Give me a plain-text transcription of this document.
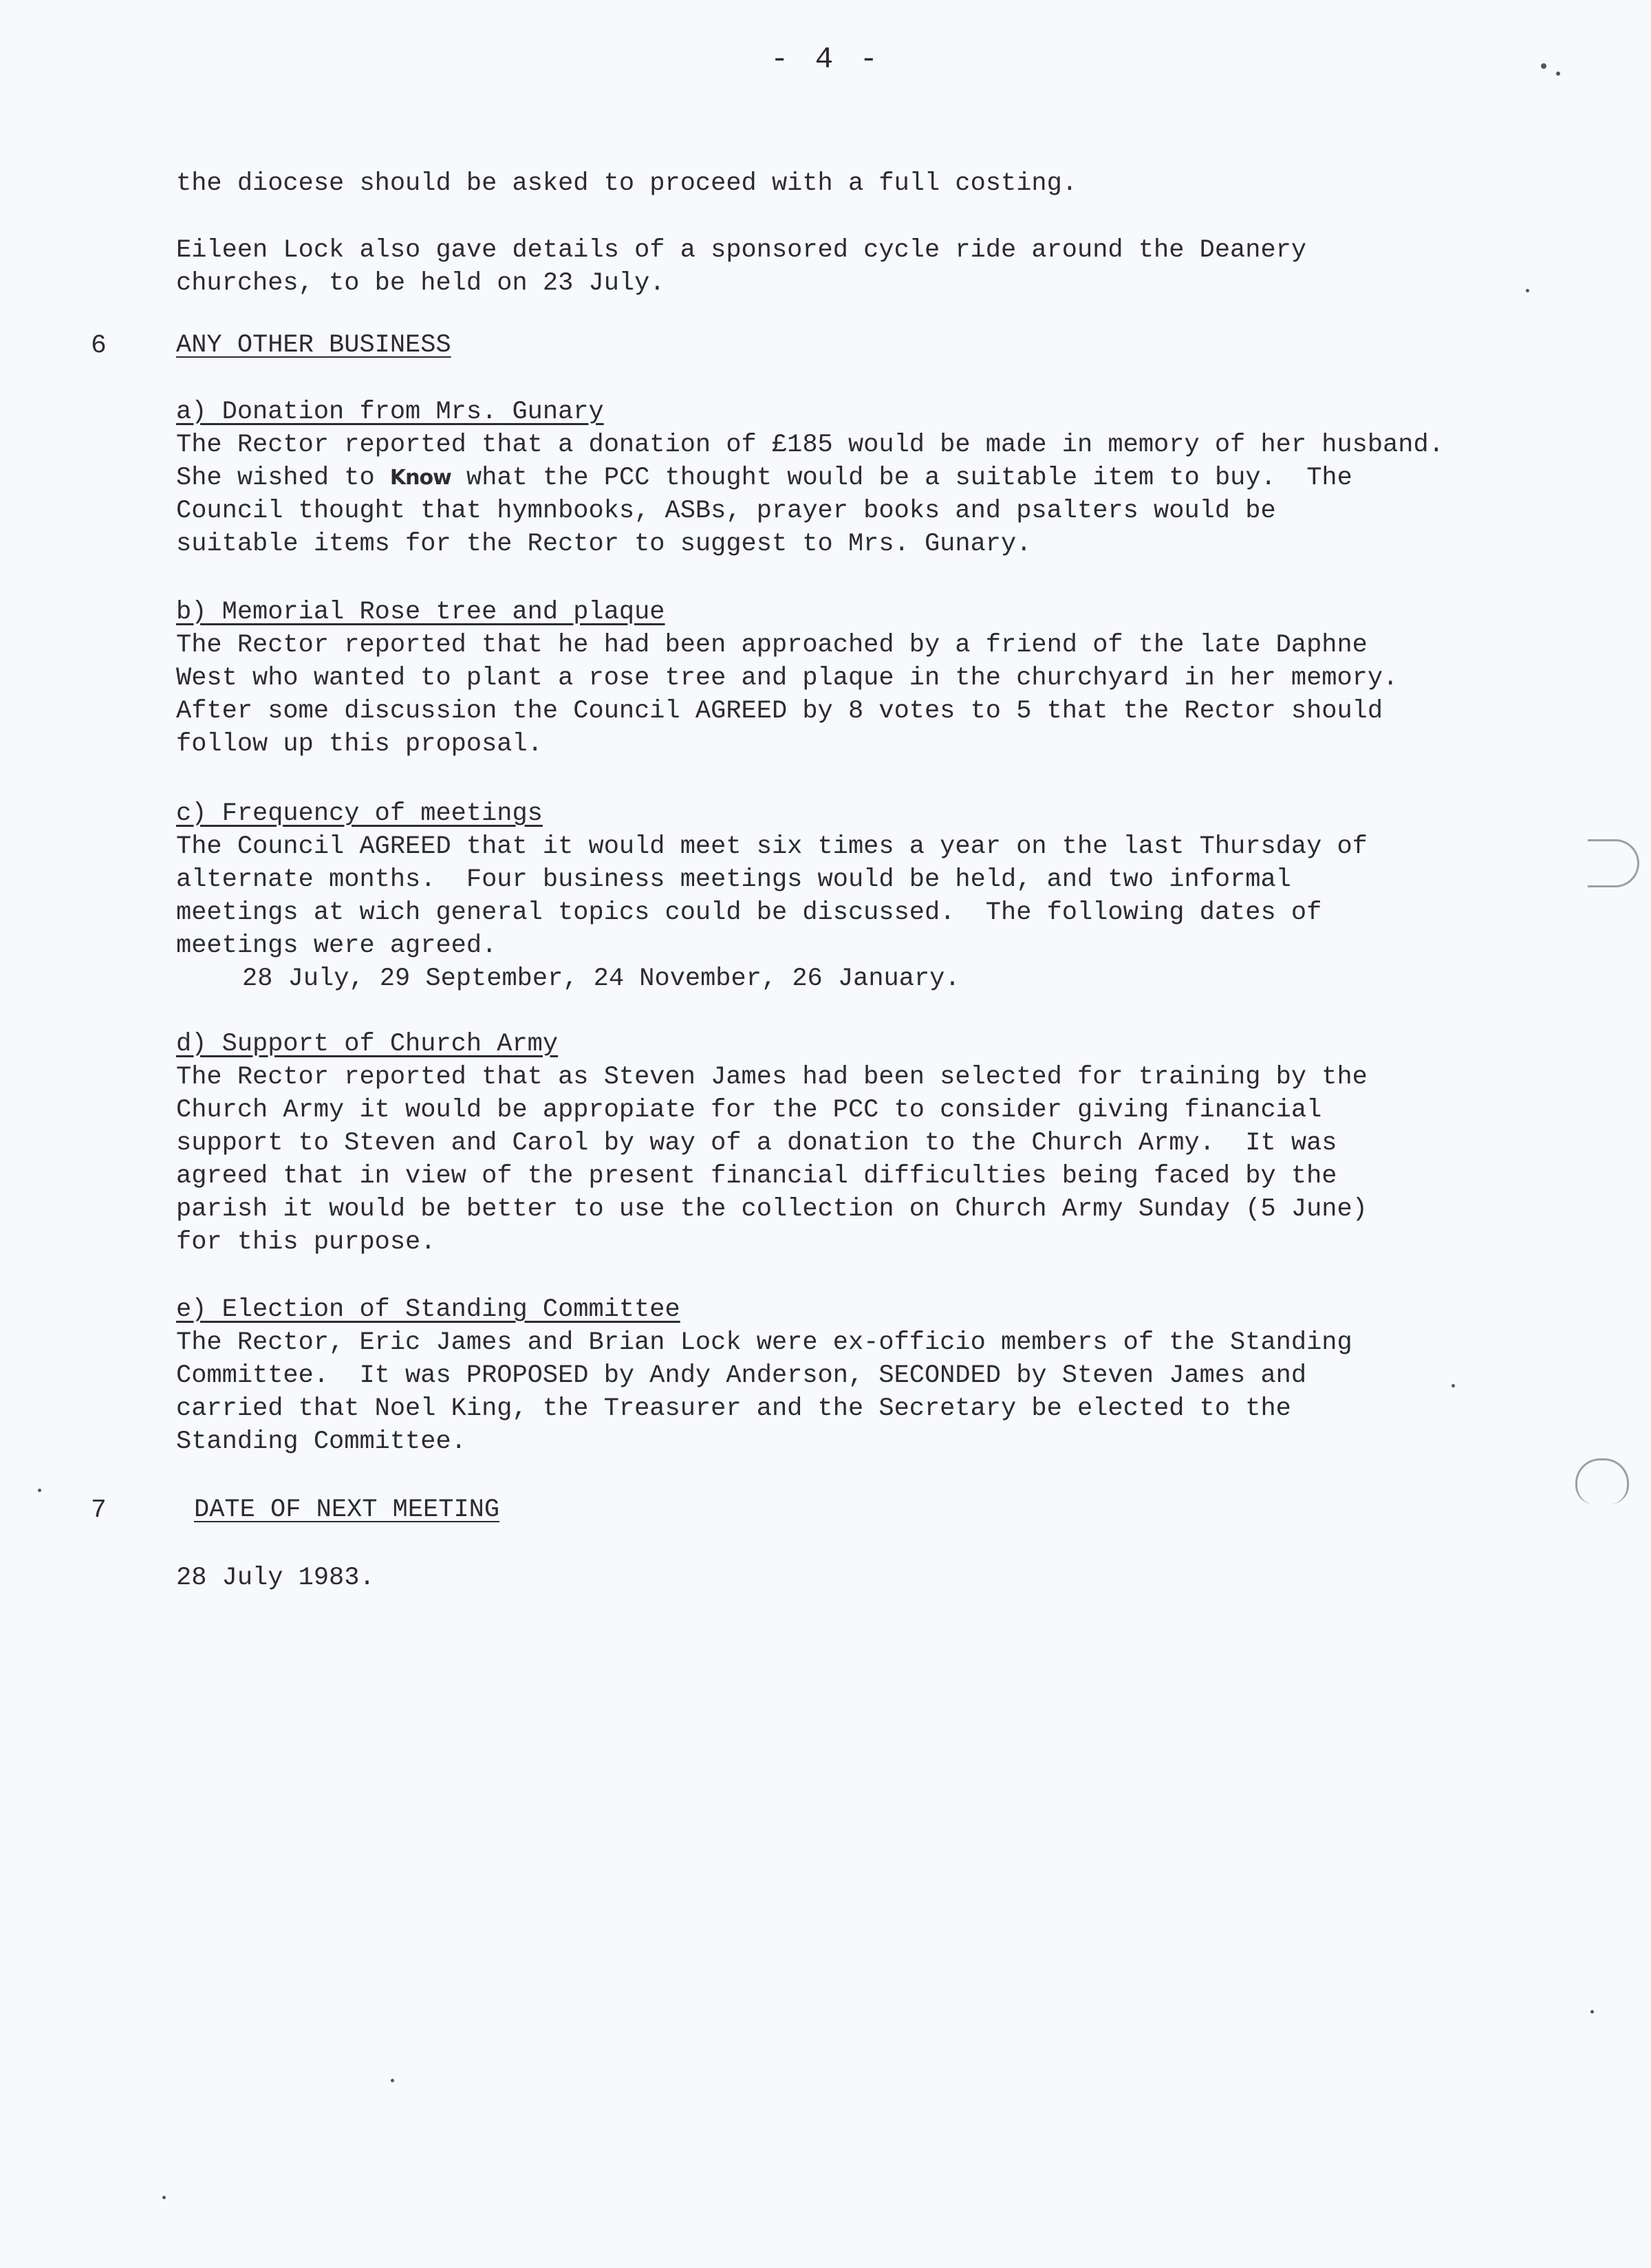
- 4 -
the diocese should be asked to proceed with a full costing.
Eileen Lock also gave details of a sponsored cycle ride around the Deanery
churches, to be held on 23 July.
6	ANY OTHER BUSINESS
a) Donation from Mrs. Gunary
The Rector reported that a donation of £185 would be made in memory of her husband.
She wished to Know what the PCC thought would be a suitable item to buy.  The
Council thought that hymnbooks, ASBs, prayer books and psalters would be
suitable items for the Rector to suggest to Mrs. Gunary.
b) Memorial Rose tree and plaque
The Rector reported that he had been approached by a friend of the late Daphne
West who wanted to plant a rose tree and plaque in the churchyard in her memory.
After some discussion the Council AGREED by 8 votes to 5 that the Rector should
follow up this proposal.
c) Frequency of meetings
The Council AGREED that it would meet six times a year on the last Thursday of
alternate months.  Four business meetings would be held, and two informal
meetings at wich general topics could be discussed.  The following dates of
meetings were agreed.
28 July, 29 September, 24 November, 26 January.
d) Support of Church Army
The Rector reported that as Steven James had been selected for training by the
Church Army it would be appropiate for the PCC to consider giving financial
support to Steven and Carol by way of a donation to the Church Army.  It was
agreed that in view of the present financial difficulties being faced by the
parish it would be better to use the collection on Church Army Sunday (5 June)
for this purpose.
e) Election of Standing Committee
The Rector, Eric James and Brian Lock were ex-officio members of the Standing
Committee.  It was PROPOSED by Andy Anderson, SECONDED by Steven James and
carried that Noel King, the Treasurer and the Secretary be elected to the
Standing Committee.
7	DATE OF NEXT MEETING
28 July 1983.
